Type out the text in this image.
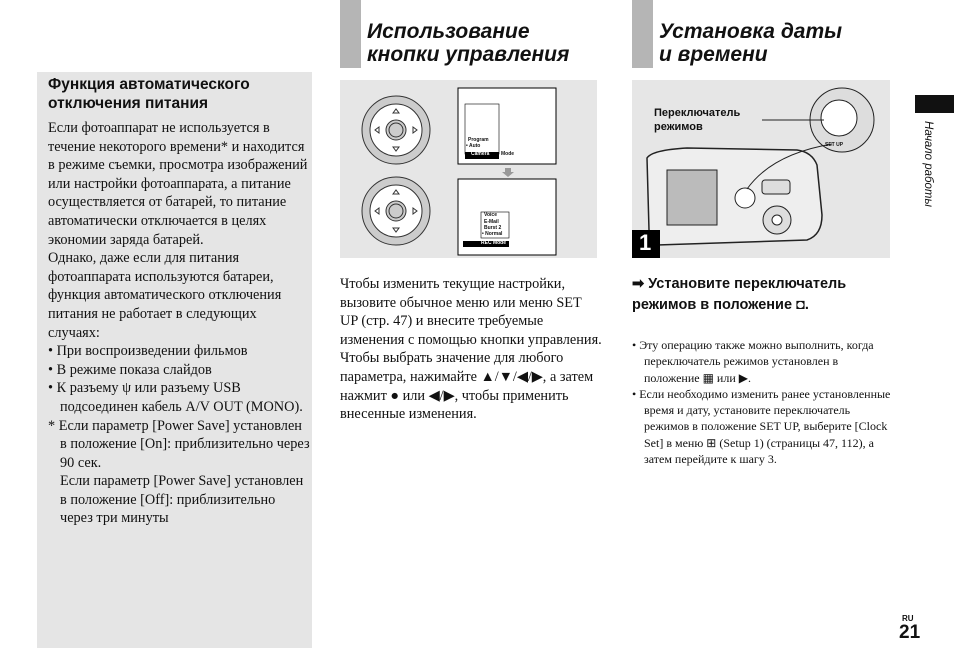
Функция автоматического отключения питания
Если фотоаппарат не используется в течение некоторого времени* и находится в режиме съемки, просмотра изображений или настройки фотоаппарата, а питание осуществляется от батарей, то питание автоматически отключается в целях экономии заряда батарей.
Однако, даже если для питания фотоаппарата используются батареи, функция автоматического отключения питания не работает в следующих случаях:
• При воспроизведении фильмов
• В режиме показа слайдов
• К разъему ψ или разъему USB подсоединен кабель A/V OUT (MONO).
* Если параметр [Power Save] установлен в положение [On]: приблизительно через 90 сек.
Если параметр [Power Save] установлен в положение [Off]: приблизительно через три минуты
Использование
кнопки управления
Program
• Auto
Camera Mode
Voice
E-Mail
Burst 2
• Normal
REC Mode
Чтобы изменить текущие настройки, вызовите обычное меню или меню SET UP (стр. 47) и внесите требуемые изменения с помощью кнопки управления.
Чтобы выбрать значение для любого параметра, нажимайте ▲/▼/◀/▶, а затем нажмит ● или ◀/▶, чтобы применить внесенные изменения.
Установка даты
и времени
Переключатель режимов
SET UP
1
➡ Установите переключатель режимов в положение ◘.
• Эту операцию также можно выполнить, когда переключатель режимов установлен в положение ▦ или ▶.
• Если необходимо изменить ранее установленные время и дату, установите переключатель режимов в положение SET UP, выберите [Clock Set] в меню ⊞ (Setup 1) (страницы 47, 112), а затем перейдите к шагу 3.
Начало работы
RU
21
